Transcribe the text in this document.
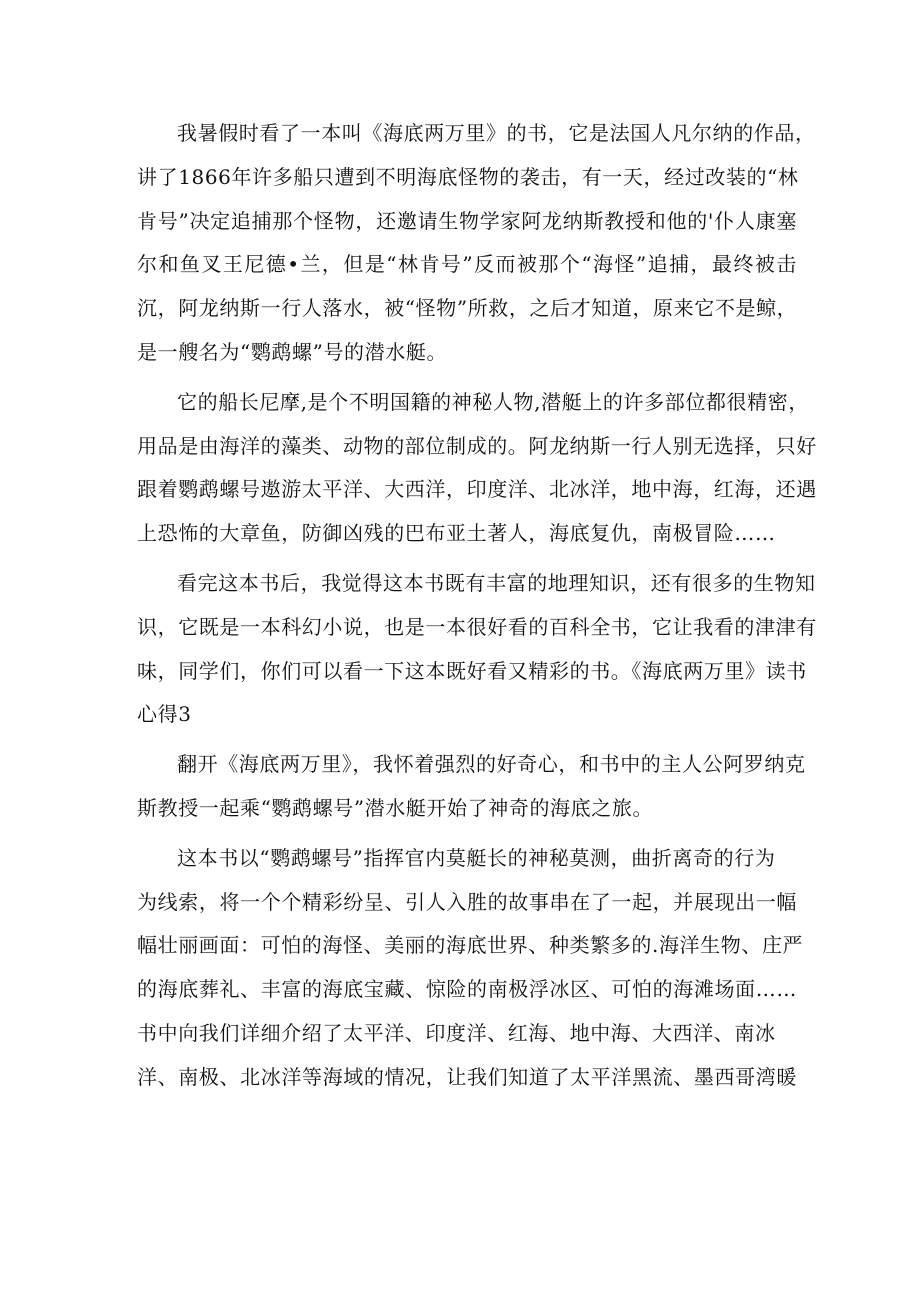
我暑假时看了一本叫《海底两万里》的书，它是法国人凡尔纳的作品，
讲了1866年许多船只遭到不明海底怪物的袭击，有一天，经过改装的“林
肯号”决定追捕那个怪物，还邀请生物学家阿龙纳斯教授和他的'仆人康塞
尔和鱼叉王尼德•兰，但是“林肯号”反而被那个“海怪”追捕，最终被击
沉，阿龙纳斯一行人落水，被“怪物”所救，之后才知道，原来它不是鲸，
是一艘名为“鹦鹉螺”号的潜水艇。
它的船长尼摩,是个不明国籍的神秘人物,潜艇上的许多部位都很精密，
用品是由海洋的藻类、动物的部位制成的。阿龙纳斯一行人别无选择，只好
跟着鹦鹉螺号遨游太平洋、大西洋，印度洋、北冰洋，地中海，红海，还遇
上恐怖的大章鱼，防御凶残的巴布亚土著人，海底复仇，南极冒险……
看完这本书后，我觉得这本书既有丰富的地理知识，还有很多的生物知
识，它既是一本科幻小说，也是一本很好看的百科全书，它让我看的津津有
味，同学们，你们可以看一下这本既好看又精彩的书。《海底两万里》读书
心得3
翻开《海底两万里》，我怀着强烈的好奇心，和书中的主人公阿罗纳克
斯教授一起乘“鹦鹉螺号”潜水艇开始了神奇的海底之旅。
这本书以“鹦鹉螺号”指挥官内莫艇长的神秘莫测，曲折离奇的行为
为线索，将一个个精彩纷呈、引人入胜的故事串在了一起，并展现出一幅
幅壮丽画面：可怕的海怪、美丽的海底世界、种类繁多的.海洋生物、庄严
的海底葬礼、丰富的海底宝藏、惊险的南极浮冰区、可怕的海滩场面……
书中向我们详细介绍了太平洋、印度洋、红海、地中海、大西洋、南冰
洋、南极、北冰洋等海域的情况，让我们知道了太平洋黑流、墨西哥湾暖
